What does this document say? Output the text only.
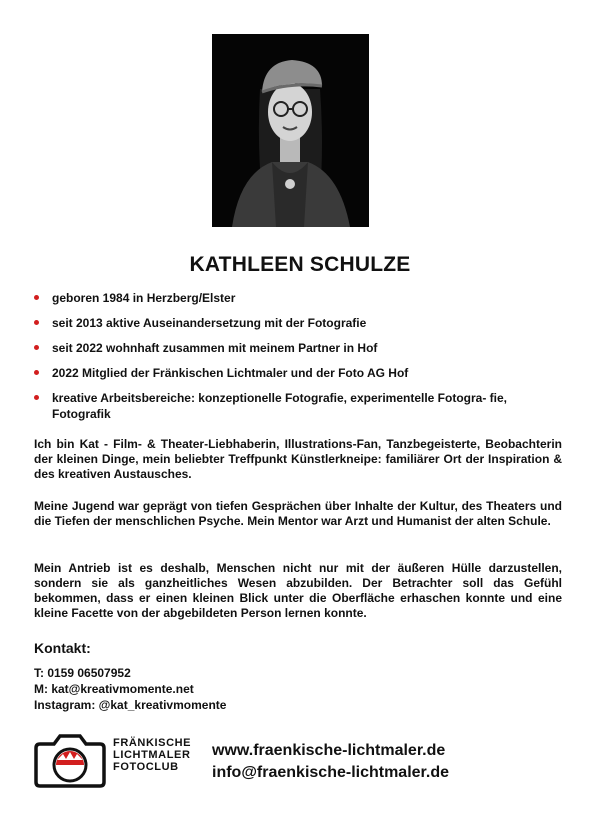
KATHLEEN SCHULZE
geboren 1984 in Herzberg/Elster
seit 2013 aktive Auseinandersetzung mit der Fotografie
seit 2022 wohnhaft zusammen mit meinem Partner in Hof
2022 Mitglied der Fränkischen Lichtmaler und der Foto AG Hof
kreative Arbeitsbereiche: konzeptionelle Fotografie, experimentelle Fotogra- fie, Fotografik

Ich bin Kat - Film- & Theater-Liebhaberin, Illustrations-Fan, Tanzbegeisterte, Beobachterin der kleinen Dinge, mein beliebter Treffpunkt Künstlerkneipe: familiärer Ort der Inspiration & des kreativen Austausches.

Meine Jugend war geprägt von tiefen Gesprächen über Inhalte der Kultur, des Theaters und die Tiefen der menschlichen Psyche. Mein Mentor war Arzt und Humanist der alten Schule.

Mein Antrieb ist es deshalb, Menschen nicht nur mit der äußeren Hülle darzustellen, sondern sie als ganzheitliches Wesen abzubilden. Der Betrachter soll das Gefühl bekommen, dass er einen kleinen Blick unter die Oberfläche erhaschen konnte und eine kleine Facette von der abgebildeten Person lernen konnte.

Kontakt:
T: 0159 06507952
M: kat@kreativmomente.net
Instagram: @kat_kreativmomente
FRÄNKISCHE
LICHTMALER
FOTOCLUB
www.fraenkische-lichtmaler.de
info@fraenkische-lichtmaler.de
